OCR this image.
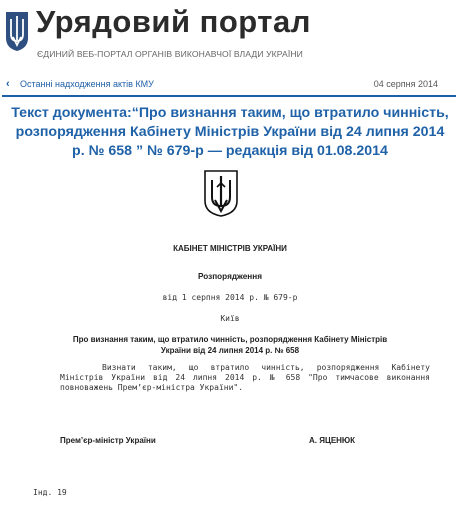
Урядовий портал
ЄДИНИЙ ВЕБ-ПОРТАЛ ОРГАНІВ ВИКОНАВЧОЇ ВЛАДИ УКРАЇНИ
‹ Останні надходження актів КМУ	04 серпня 2014
Текст документа:“Про визнання таким, що втратило чинність, розпорядження Кабінету Міністрів України від 24 липня 2014 р. № 658 ” № 679-р — редакція від 01.08.2014
КАБІНЕТ МІНІСТРІВ УКРАЇНИ
Розпорядження
від 1 серпня 2014 р. № 679-р
Київ
Про визнання таким, що втратило чинність, розпорядження Кабінету Міністрів України від 24 липня 2014 р. № 658
Визнати таким, що втратило чинність, розпорядження Кабінету Міністрів України від 24 липня 2014 р. № 658 "Про тимчасове виконання повноважень Прем’єр-міністра України".
Прем’єр-міністр України	А. ЯЦЕНЮК
Інд. 19
